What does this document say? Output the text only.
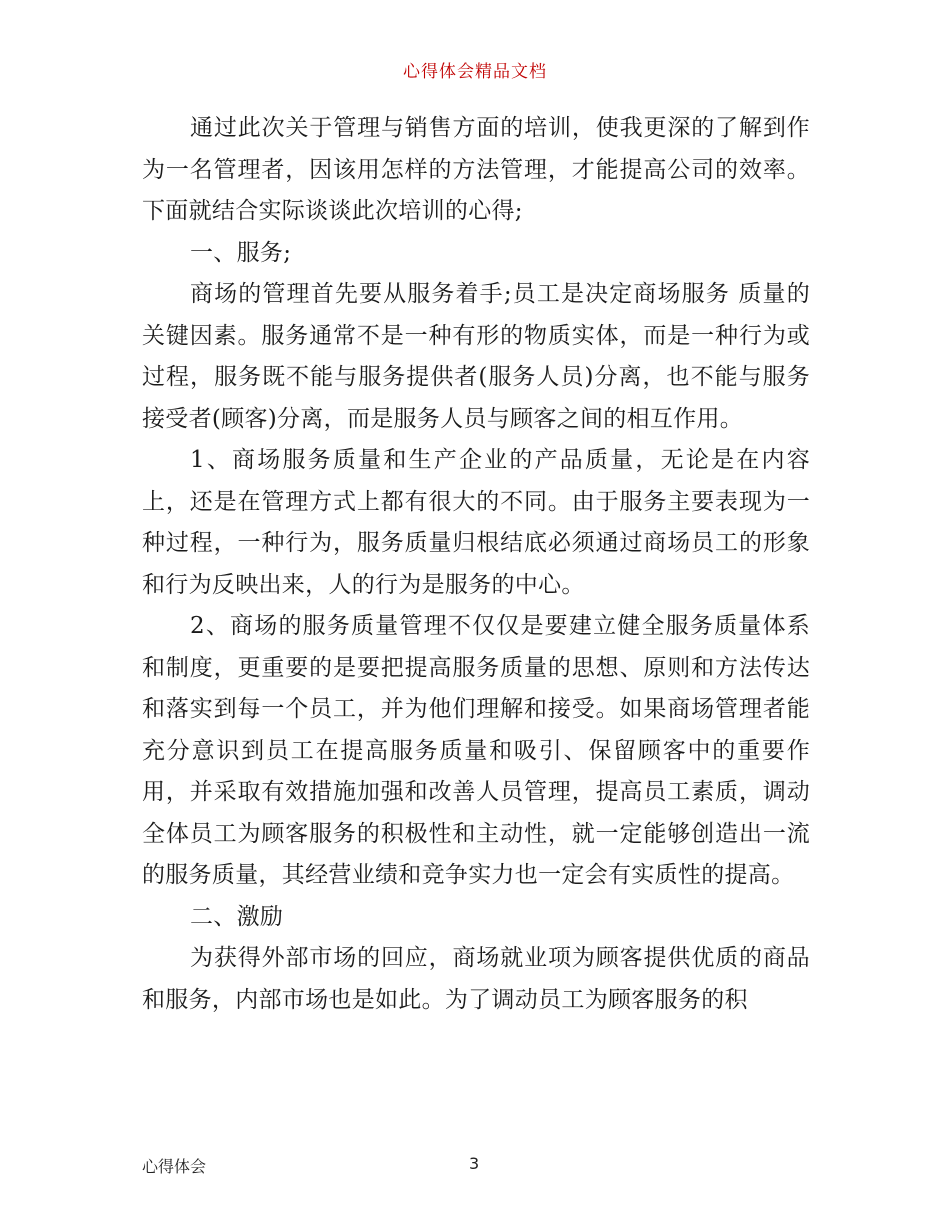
心得体会精品文档

通过此次关于管理与销售方面的培训，使我更深的了解到作为一名管理者，因该用怎样的方法管理，才能提高公司的效率。下面就结合实际谈谈此次培训的心得;

一、服务;

商场的管理首先要从服务着手;员工是决定商场服务 质量的关键因素。服务通常不是一种有形的物质实体，而是一种行为或过程，服务既不能与服务提供者(服务人员)分离，也不能与服务接受者(顾客)分离，而是服务人员与顾客之间的相互作用。

1、商场服务质量和生产企业的产品质量，无论是在内容上，还是在管理方式上都有很大的不同。由于服务主要表现为一种过程，一种行为，服务质量归根结底必须通过商场员工的形象和行为反映出来，人的行为是服务的中心。

2、商场的服务质量管理不仅仅是要建立健全服务质量体系和制度，更重要的是要把提高服务质量的思想、原则和方法传达和落实到每一个员工，并为他们理解和接受。如果商场管理者能充分意识到员工在提高服务质量和吸引、保留顾客中的重要作用，并采取有效措施加强和改善人员管理，提高员工素质，调动全体员工为顾客服务的积极性和主动性，就一定能够创造出一流的服务质量，其经营业绩和竞争实力也一定会有实质性的提高。

二、激励

为获得外部市场的回应，商场就业项为顾客提供优质的商品和服务，内部市场也是如此。为了调动员工为顾客服务的积

心得体会	3
